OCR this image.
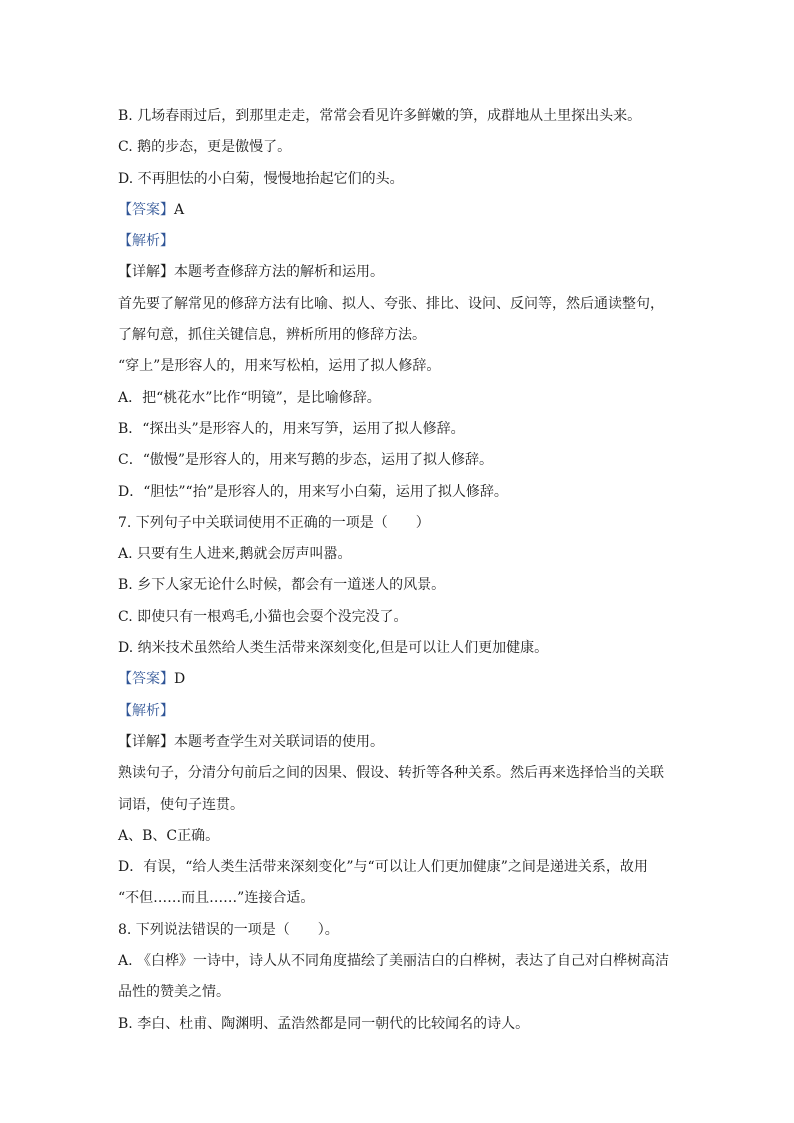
B. 几场春雨过后，到那里走走，常常会看见许多鲜嫩的笋，成群地从土里探出头来。
C. 鹅的步态，更是傲慢了。
D. 不再胆怯的小白菊，慢慢地抬起它们的头。
【答案】A
【解析】
【详解】本题考查修辞方法的解析和运用。
首先要了解常见的修辞方法有比喻、拟人、夸张、排比、设问、反问等，然后通读整句，
了解句意，抓住关键信息，辨析所用的修辞方法。
“穿上”是形容人的，用来写松柏，运用了拟人修辞。
A．把“桃花水”比作“明镜”，是比喻修辞。
B．“探出头”是形容人的，用来写笋，运用了拟人修辞。
C．“傲慢”是形容人的，用来写鹅的步态，运用了拟人修辞。
D．“胆怯”“抬”是形容人的，用来写小白菊，运用了拟人修辞。
7. 下列句子中关联词使用不正确的一项是（　　）
A. 只要有生人进来,鹅就会厉声叫嚣。
B. 乡下人家无论什么时候，都会有一道迷人的风景。
C. 即使只有一根鸡毛,小猫也会耍个没完没了。
D. 纳米技术虽然给人类生活带来深刻变化,但是可以让人们更加健康。
【答案】D
【解析】
【详解】本题考查学生对关联词语的使用。
熟读句子，分清分句前后之间的因果、假设、转折等各种关系。然后再来选择恰当的关联
词语，使句子连贯。
A、B、C正确。
D．有误，“给人类生活带来深刻变化”与“可以让人们更加健康”之间是递进关系，故用
“不但……而且……”连接合适。
8. 下列说法错误的一项是（　　）。
A. 《白桦》一诗中，诗人从不同角度描绘了美丽洁白的白桦树，表达了自己对白桦树高洁
品性的赞美之情。
B. 李白、杜甫、陶渊明、孟浩然都是同一朝代的比较闻名的诗人。
